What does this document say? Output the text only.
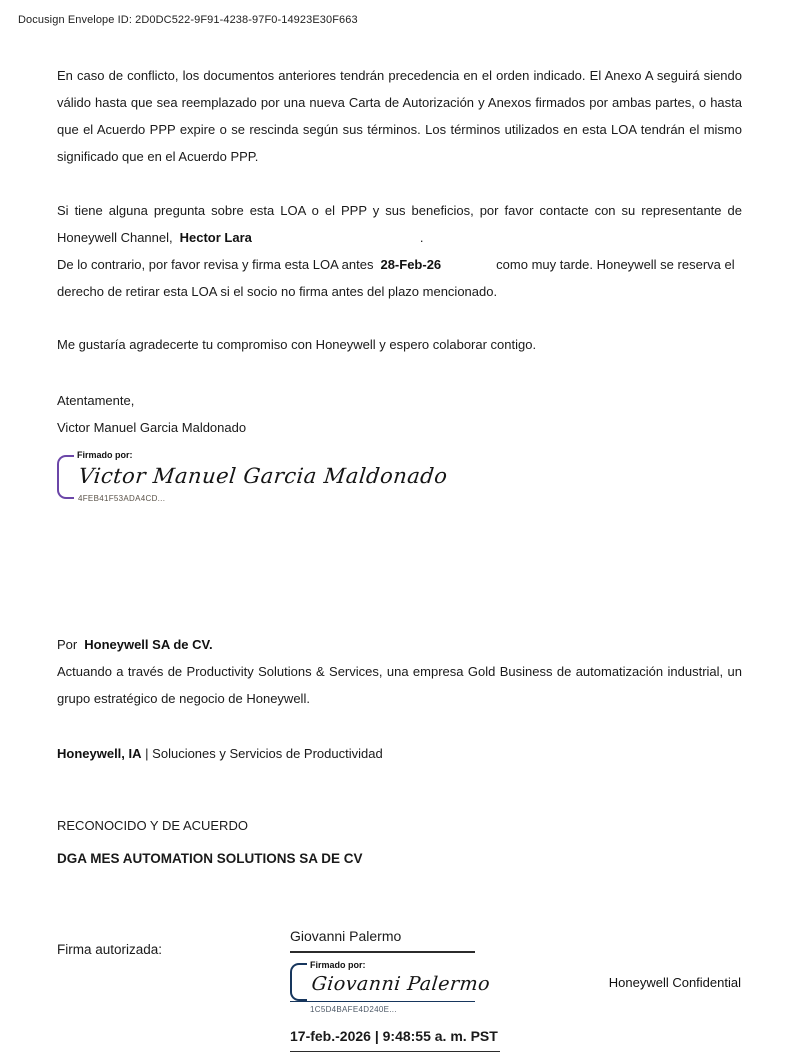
Docusign Envelope ID: 2D0DC522-9F91-4238-97F0-14923E30F663

En caso de conflicto, los documentos anteriores tendrán precedencia en el orden indicado. El Anexo A seguirá siendo válido hasta que sea reemplazado por una nueva Carta de Autorización y Anexos firmados por ambas partes, o hasta que el Acuerdo PPP expire o se rescinda según sus términos. Los términos utilizados en esta LOA tendrán el mismo significado que en el Acuerdo PPP.

Si tiene alguna pregunta sobre esta LOA o el PPP y sus beneficios, por favor contacte con su representante de
Honeywell Channel, Hector Lara	.
De lo contrario, por favor revisa y firma esta LOA antes 28-Feb-26	como muy tarde. Honeywell se reserva el
derecho de retirar esta LOA si el socio no firma antes del plazo mencionado.

Me gustaría agradecerte tu compromiso con Honeywell y espero colaborar contigo.

Atentamente,
Victor Manuel Garcia Maldonado
Firmado por:
Victor Manuel Garcia Maldonado
4FEB41F53ADA4CD...
Por Honeywell SA de CV.
Actuando a través de Productivity Solutions & Services, una empresa Gold Business de automatización industrial, un grupo estratégico de negocio de Honeywell.
Honeywell, IA | Soluciones y Servicios de Productividad
RECONOCIDO Y DE ACUERDO
DGA MES AUTOMATION SOLUTIONS SA DE CV
Firma autorizada:
Giovanni Palermo
Firmado por:
Giovanni Palermo
1C5D4BAFE4D240E...
17-feb.-2026 | 9:48:55 a. m. PST
Honeywell Confidential
